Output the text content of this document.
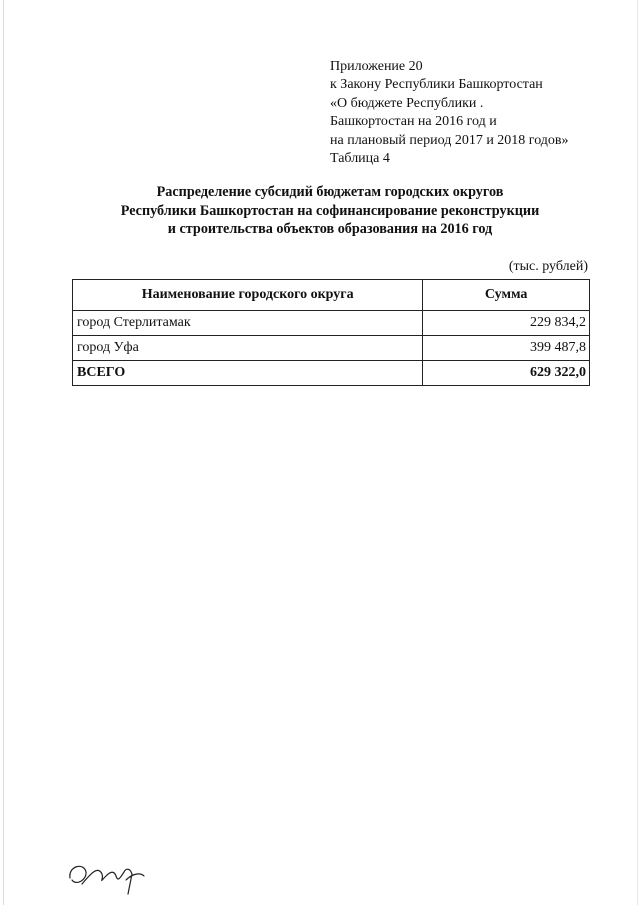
Приложение 20
к Закону Республики Башкортостан
«О бюджете Республики .
Башкортостан на 2016 год и
на плановый период 2017 и 2018 годов»
Таблица 4
Распределение субсидий бюджетам городских округов
Республики Башкортостан на софинансирование реконструкции
и строительства объектов образования на 2016 год
(тыс. рублей)
Наименование городского округа	Сумма
город Стерлитамак	229 834,2
город Уфа	399 487,8
ВСЕГО	629 322,0
